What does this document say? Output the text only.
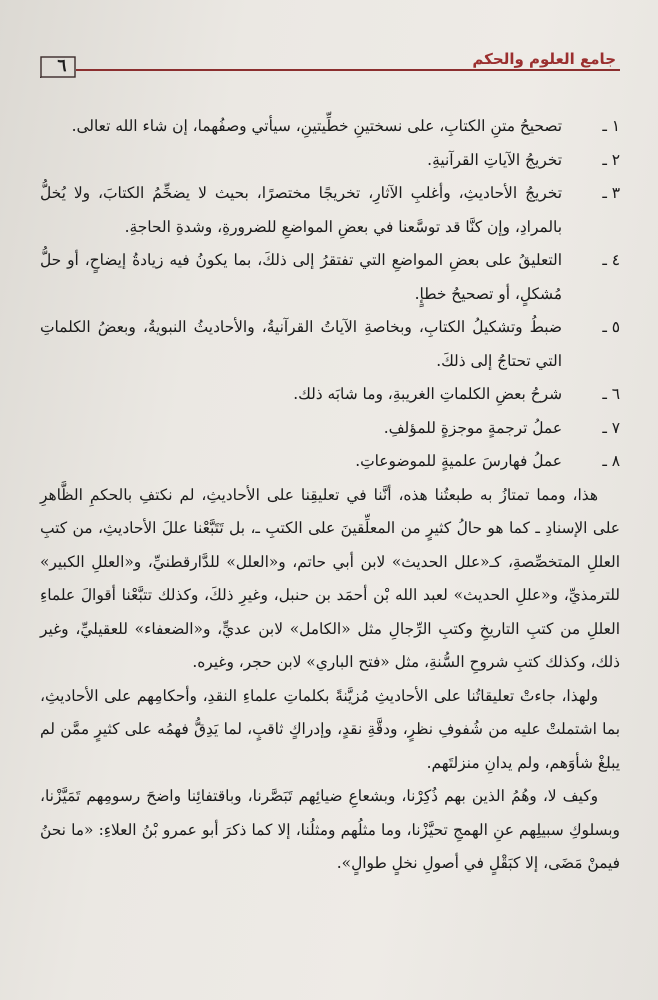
جامع العلوم والحكم
٦
١ ـ
تصحيحُ متنِ الكتابِ، على نسختينِ خطِّيتينِ، سيأتي وصفُهما، إن شاء الله تعالى.
٢ ـ
تخريجُ الآياتِ القرآنيةِ.
٣ ـ
تخريجُ الأحاديثِ، وأغلبِ الآثارِ، تخريجًا مختصرًا، بحيث لا يضخِّمُ الكتابَ، ولا يُخلُّ بالمرادِ، وإن كنَّا قد توسَّعنا في بعضِ المواضعِ للضرورةِ، وشدةِ الحاجةِ.
٤ ـ
التعليقُ على بعضِ المواضعِ التي تفتقرُ إلى ذلكَ، بما يكونُ فيه زيادةُ إيضاحٍ، أو حلُّ مُشكلٍ، أو تصحيحُ خطإٍ.
٥ ـ
ضبطُ وتشكيلُ الكتابِ، وبخاصةِ الآياتُ القرآنيةُ، والأحاديثُ النبويةُ، وبعضُ الكلماتِ التي تحتاجُ إلى ذلكَ.
٦ ـ
شرحُ بعضِ الكلماتِ الغريبةِ، وما شابَه ذلك.
٧ ـ
عملُ ترجمةٍ موجزةٍ للمؤلفِ.
٨ ـ
عملُ فهارسَ علميةٍ للموضوعاتِ.

هذا، ومما تمتازُ به طبعتُنا هذه، أنَّنا في تعليقِنا على الأحاديثِ، لم نكتفِ بالحكمِ الظَّاهرِ على الإسنادِ ـ كما هو حالُ كثيرٍ من المعلِّقينَ على الكتبِ ـ، بل تَتَبَّعْنا عللَ الأحاديثِ، من كتبِ العللِ المتخصِّصةِ، كـ«علل الحديث» لابن أبي حاتم، و«العلل» للدَّارقطنيِّ، و«العللِ الكبير» للترمذيِّ، و«عللِ الحديث» لعبد الله بْن أحمَد بن حنبل، وغيرِ ذلكَ، وكذلك تتبَّعْنا أقوالَ علماءِ العللِ من كتبِ التاريخِ وكتبِ الرِّجالِ مثل «الكامل» لابن عديٍّ، و«الضعفاء» للعقيليِّ، وغير ذلك، وكذلك كتبِ شروحِ السُّنةِ، مثل «فتح الباري» لابن حجر، وغيره.

ولهذا، جاءتْ تعليقاتُنا على الأحاديثِ مُزيَّنةً بكلماتِ علماءِ النقدِ، وأحكامِهم على الأحاديثِ، بما اشتملتْ عليه من شُفوفِ نظرٍ، ودقَّةِ نقدٍ، وإدراكٍ ثاقبٍ، لما يَدِقُّ فهمُه على كثيرٍ ممَّن لم يبلغْ شأوَهم، ولم يدانِ منزلتَهم.

وكيف لا، وهُمُ الذين بهم ذُكِرْنا، وبشعاعِ ضيائِهم تَبَصَّرنا، وباقتفائِنا واضحَ رسومِهم تَمَيَّزْنا، وبسلوكِ سبيلِهم عنِ الهمجِ تحيَّزْنا، وما مثلُهم ومثلُنا، إلا كما ذكرَ أبو عمرو بْنُ العلاءِ: «ما نحنُ فيمنْ مَضَى، إلا كبَقْلٍ في أصولِ نخلٍ طوالٍ».
